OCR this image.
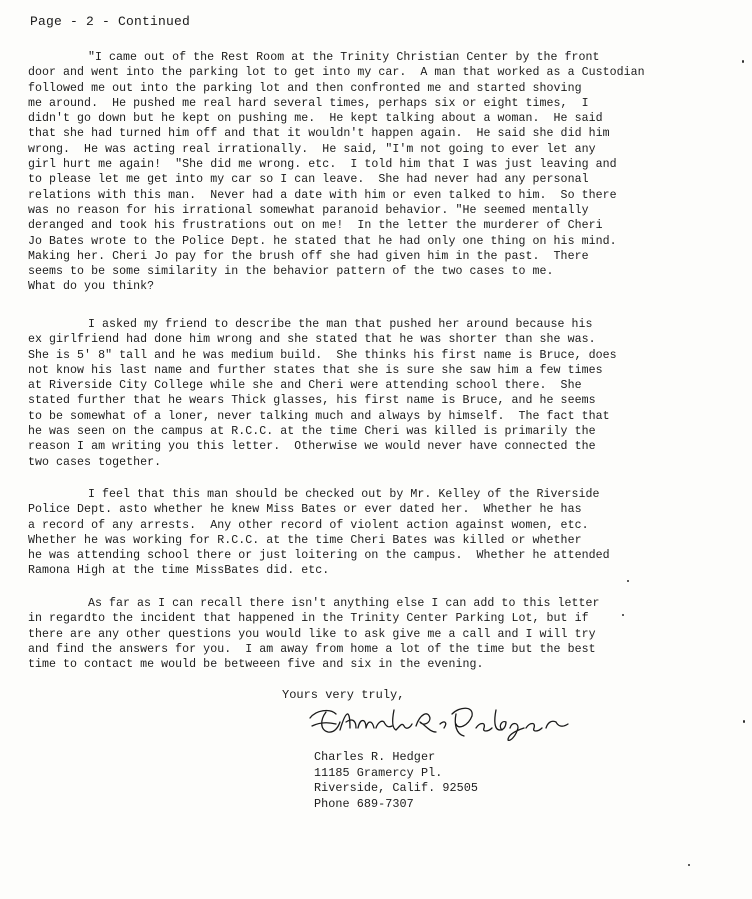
Page - 2 - Continued
"I came out of the Rest Room at the Trinity Christian Center by the front
door and went into the parking lot to get into my car.  A man that worked as a Custodian
followed me out into the parking lot and then confronted me and started shoving
me around.  He pushed me real hard several times, perhaps six or eight times,  I
didn't go down but he kept on pushing me.  He kept talking about a woman.  He said
that she had turned him off and that it wouldn't happen again.  He said she did him
wrong.  He was acting real irrationally.  He said, "I'm not going to ever let any
girl hurt me again!  "She did me wrong. etc.  I told him that I was just leaving and
to please let me get into my car so I can leave.  She had never had any personal
relations with this man.  Never had a date with him or even talked to him.  So there
was no reason for his irrational somewhat paranoid behavior. "He seemed mentally
deranged and took his frustrations out on me!  In the letter the murderer of Cheri
Jo Bates wrote to the Police Dept. he stated that he had only one thing on his mind.
Making her. Cheri Jo pay for the brush off she had given him in the past.  There
seems to be some similarity in the behavior pattern of the two cases to me.
What do you think?
I asked my friend to describe the man that pushed her around because his
ex girlfriend had done him wrong and she stated that he was shorter than she was.
She is 5' 8" tall and he was medium build.  She thinks his first name is Bruce, does
not know his last name and further states that she is sure she saw him a few times
at Riverside City College while she and Cheri were attending school there.  She
stated further that he wears Thick glasses, his first name is Bruce, and he seems
to be somewhat of a loner, never talking much and always by himself.  The fact that
he was seen on the campus at R.C.C. at the time Cheri was killed is primarily the
reason I am writing you this letter.  Otherwise we would never have connected the
two cases together.
I feel that this man should be checked out by Mr. Kelley of the Riverside
Police Dept. asto whether he knew Miss Bates or ever dated her.  Whether he has
a record of any arrests.  Any other record of violent action against women, etc.
Whether he was working for R.C.C. at the time Cheri Bates was killed or whether
he was attending school there or just loitering on the campus.  Whether he attended
Ramona High at the time MissBates did. etc.
As far as I can recall there isn't anything else I can add to this letter
in regardto the incident that happened in the Trinity Center Parking Lot, but if
there are any other questions you would like to ask give me a call and I will try
and find the answers for you.  I am away from home a lot of the time but the best
time to contact me would be betweeen five and six in the evening.
Yours very truly,
Charles R. Hedger
11185 Gramercy Pl.
Riverside, Calif. 92505
Phone 689-7307
